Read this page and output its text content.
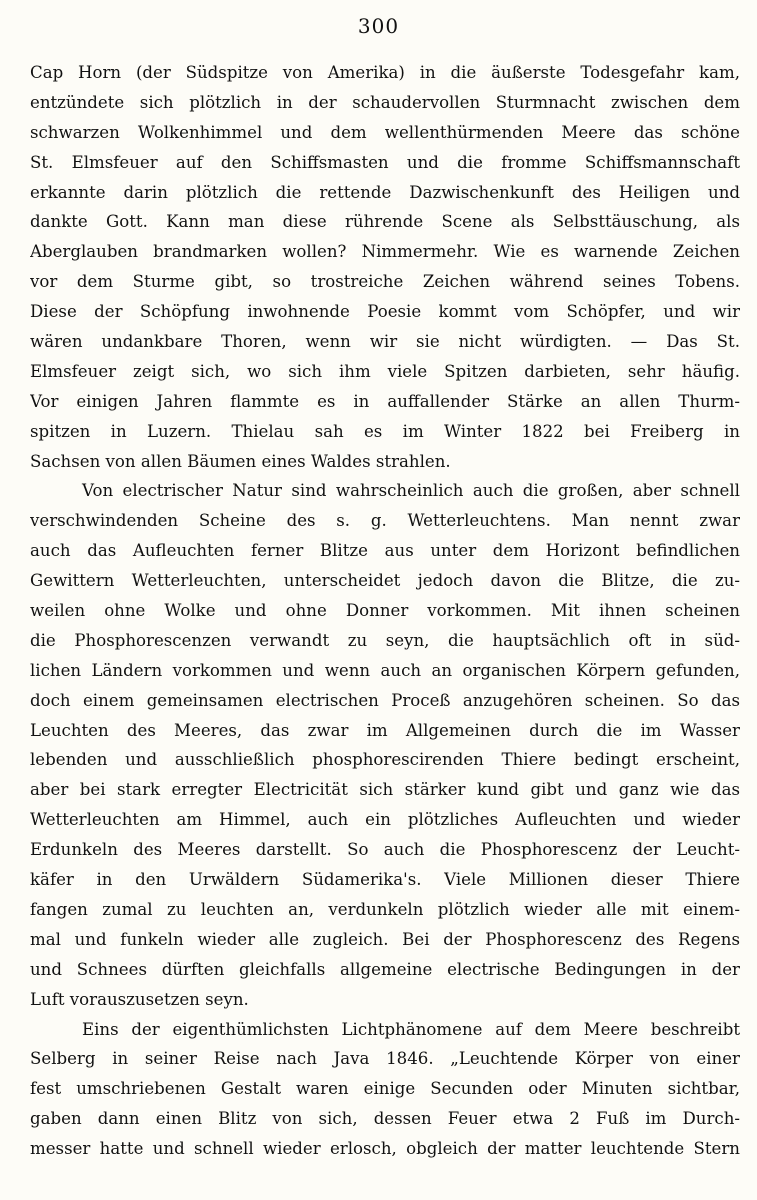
300
Cap Horn (der Südspitze von Amerika) in die äußerste Todesgefahr kam,
entzündete sich plötzlich in der schaudervollen Sturmnacht zwischen dem
schwarzen Wolkenhimmel und dem wellenthürmenden Meere das schöne
St. Elmsfeuer auf den Schiffsmasten und die fromme Schiffsmannschaft
erkannte darin plötzlich die rettende Dazwischenkunft des Heiligen und
dankte Gott. Kann man diese rührende Scene als Selbsttäuschung, als
Aberglauben brandmarken wollen? Nimmermehr. Wie es warnende Zeichen
vor dem Sturme gibt, so trostreiche Zeichen während seines Tobens.
Diese der Schöpfung inwohnende Poesie kommt vom Schöpfer, und wir
wären undankbare Thoren, wenn wir sie nicht würdigten. — Das St.
Elmsfeuer zeigt sich, wo sich ihm viele Spitzen darbieten, sehr häufig.
Vor einigen Jahren flammte es in auffallender Stärke an allen Thurm-
spitzen in Luzern. Thielau sah es im Winter 1822 bei Freiberg in
Sachsen von allen Bäumen eines Waldes strahlen.
Von electrischer Natur sind wahrscheinlich auch die großen, aber schnell
verschwindenden Scheine des s. g. Wetterleuchtens. Man nennt zwar
auch das Aufleuchten ferner Blitze aus unter dem Horizont befindlichen
Gewittern Wetterleuchten, unterscheidet jedoch davon die Blitze, die zu-
weilen ohne Wolke und ohne Donner vorkommen. Mit ihnen scheinen
die Phosphorescenzen verwandt zu seyn, die hauptsächlich oft in süd-
lichen Ländern vorkommen und wenn auch an organischen Körpern gefunden,
doch einem gemeinsamen electrischen Proceß anzugehören scheinen. So das
Leuchten des Meeres, das zwar im Allgemeinen durch die im Wasser
lebenden und ausschließlich phosphorescirenden Thiere bedingt erscheint,
aber bei stark erregter Electricität sich stärker kund gibt und ganz wie das
Wetterleuchten am Himmel, auch ein plötzliches Aufleuchten und wieder
Erdunkeln des Meeres darstellt. So auch die Phosphorescenz der Leucht-
käfer in den Urwäldern Südamerika's. Viele Millionen dieser Thiere
fangen zumal zu leuchten an, verdunkeln plötzlich wieder alle mit einem-
mal und funkeln wieder alle zugleich. Bei der Phosphorescenz des Regens
und Schnees dürften gleichfalls allgemeine electrische Bedingungen in der
Luft vorauszusetzen seyn.
Eins der eigenthümlichsten Lichtphänomene auf dem Meere beschreibt
Selberg in seiner Reise nach Java 1846. „Leuchtende Körper von einer
fest umschriebenen Gestalt waren einige Secunden oder Minuten sichtbar,
gaben dann einen Blitz von sich, dessen Feuer etwa 2 Fuß im Durch-
messer hatte und schnell wieder erlosch, obgleich der matter leuchtende Stern
